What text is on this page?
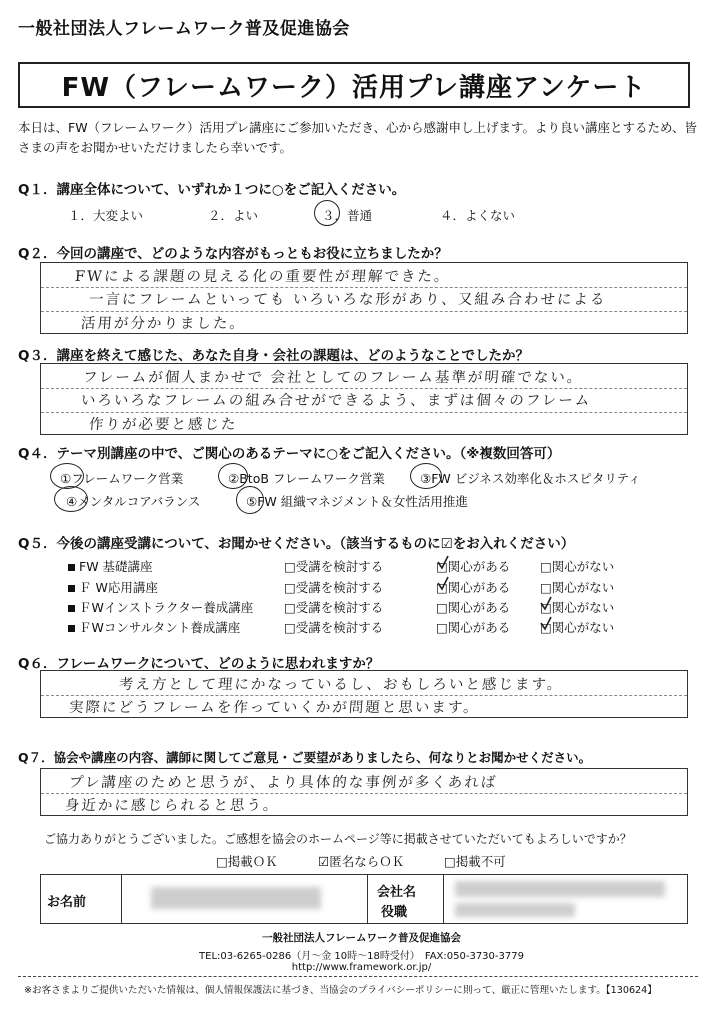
一般社団法人フレームワーク普及促進協会
FW（フレームワーク）活用プレ講座アンケート
本日は、FW（フレームワーク）活用プレ講座にご参加いただき、心から感謝申し上げます。より良い講座とするため、皆さまの声をお聞かせいただけましたら幸いです。
Q１．講座全体について、いずれか１つに○をご記入ください。
１．大変よい	２．よい	３．普通	４．よくない
Q２．今回の講座で、どのような内容がもっともお役に立ちましたか？
FWによる課題の見える化の重要性が理解できた。
一言にフレームといっても いろいろな形があり、又組み合わせによる
活用が分かりました。
Q３．講座を終えて感じた、あなた自身・会社の課題は、どのようなことでしたか？
フレームが個人まかせで 会社としてのフレーム基準が明確でない。
いろいろなフレームの組み合せができるよう、まずは個々のフレーム
作りが必要と感じた
Q４．テーマ別講座の中で、ご関心のあるテーマに○をご記入ください。（※複数回答可）
①フレームワーク営業	②BtoB フレームワーク営業	③FW ビジネス効率化＆ホスピタリティ
④メンタルコアバランス	⑤FW 組織マネジメント＆女性活用推進
Q５．今後の講座受講について、お聞かせください。（該当するものに☑をお入れください）
FW 基礎講座	□受講を検討する	□関心がある □関心がない
Ｆ W応用講座	□受講を検討する	□関心がある □関心がない
ＦWインストラクター養成講座 □受講を検討する	□関心がある □関心がない
ＦWコンサルタント養成講座	□受講を検討する	□関心がある □関心がない
Q６．フレームワークについて、どのように思われますか？
考え方として理にかなっているし、おもしろいと感じます。
実際にどうフレームを作っていくかが問題と思います。
Q７．協会や講座の内容、講師に関してご意見・ご要望がありましたら、何なりとお聞かせください。
プレ講座のためと思うが、より具体的な事例が多くあれば
身近かに感じられると思う。
ご協力ありがとうございました。ご感想を協会のホームページ等に掲載させていただいてもよろしいですか？
□掲載ＯＫ	☑匿名ならＯＫ	□掲載不可
お名前
会社名
役職
一般社団法人フレームワーク普及促進協会
TEL:03-6265-0286（月～金 10時～18時受付）　FAX:050-3730-3779
http://www.framework.or.jp/
※お客さまよりご提供いただいた情報は、個人情報保護法に基づき、当協会のプライバシーポリシーに則って、厳正に管理いたします。【130624】
